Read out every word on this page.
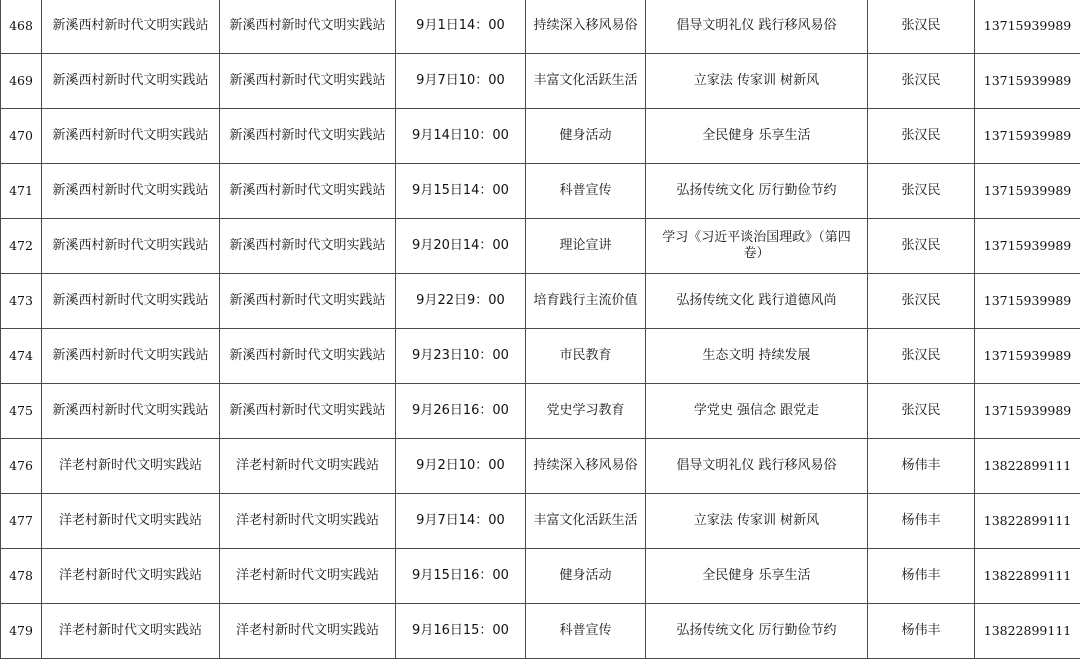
468	新溪西村新时代文明实践站	新溪西村新时代文明实践站	9月1日14：00	持续深入移风易俗	倡导文明礼仪 践行移风易俗	张汉民	13715939989
469	新溪西村新时代文明实践站	新溪西村新时代文明实践站	9月7日10：00	丰富文化活跃生活	立家法 传家训 树新风	张汉民	13715939989
470	新溪西村新时代文明实践站	新溪西村新时代文明实践站	9月14日10：00	健身活动	全民健身 乐享生活	张汉民	13715939989
471	新溪西村新时代文明实践站	新溪西村新时代文明实践站	9月15日14：00	科普宣传	弘扬传统文化 厉行勤俭节约	张汉民	13715939989
472	新溪西村新时代文明实践站	新溪西村新时代文明实践站	9月20日14：00	理论宣讲	学习《习近平谈治国理政》（第四卷）	张汉民	13715939989
473	新溪西村新时代文明实践站	新溪西村新时代文明实践站	9月22日9：00	培育践行主流价值	弘扬传统文化 践行道德风尚	张汉民	13715939989
474	新溪西村新时代文明实践站	新溪西村新时代文明实践站	9月23日10：00	市民教育	生态文明 持续发展	张汉民	13715939989
475	新溪西村新时代文明实践站	新溪西村新时代文明实践站	9月26日16：00	党史学习教育	学党史 强信念 跟党走	张汉民	13715939989
476	洋老村新时代文明实践站	洋老村新时代文明实践站	9月2日10：00	持续深入移风易俗	倡导文明礼仪 践行移风易俗	杨伟丰	13822899111
477	洋老村新时代文明实践站	洋老村新时代文明实践站	9月7日14：00	丰富文化活跃生活	立家法 传家训 树新风	杨伟丰	13822899111
478	洋老村新时代文明实践站	洋老村新时代文明实践站	9月15日16：00	健身活动	全民健身 乐享生活	杨伟丰	13822899111
479	洋老村新时代文明实践站	洋老村新时代文明实践站	9月16日15：00	科普宣传	弘扬传统文化 厉行勤俭节约	杨伟丰	13822899111
